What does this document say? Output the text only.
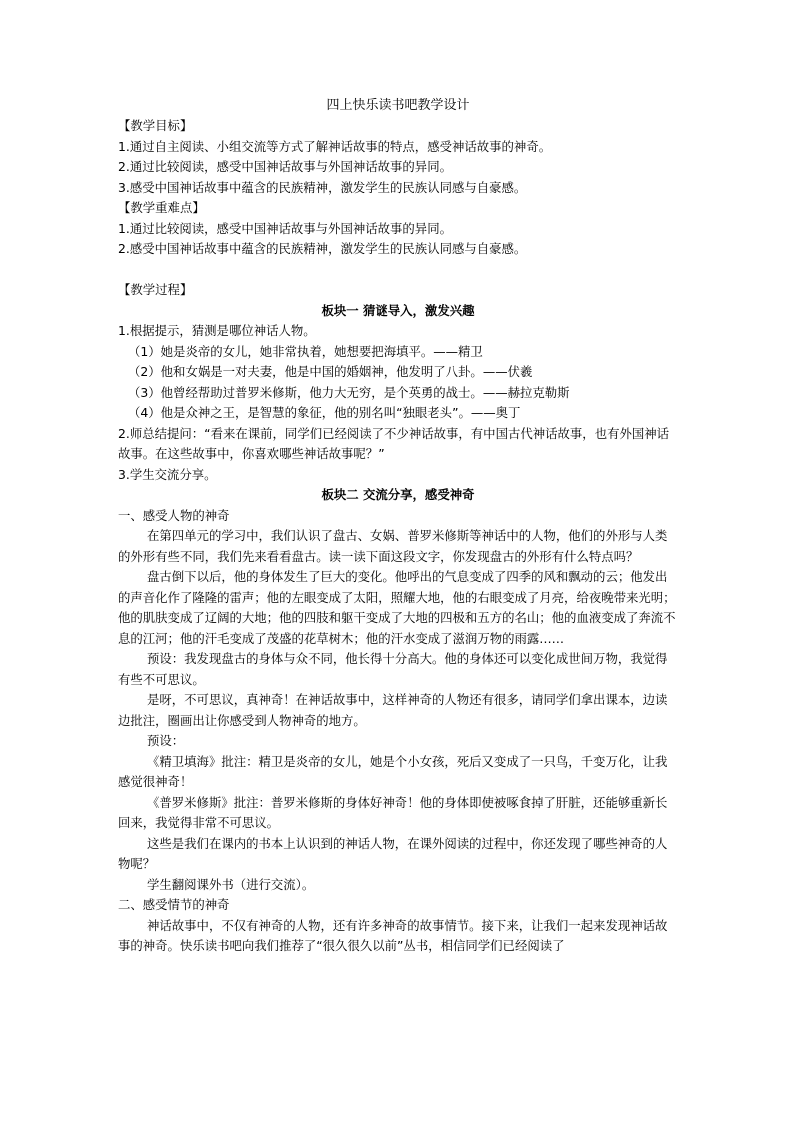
四上快乐读书吧教学设计
【教学目标】
1.通过自主阅读、小组交流等方式了解神话故事的特点，感受神话故事的神奇。
2.通过比较阅读，感受中国神话故事与外国神话故事的异同。
3.感受中国神话故事中蕴含的民族精神，激发学生的民族认同感与自豪感。
【教学重难点】
1.通过比较阅读，感受中国神话故事与外国神话故事的异同。
2.感受中国神话故事中蕴含的民族精神，激发学生的民族认同感与自豪感。
【教学过程】
板块一 猜谜导入，激发兴趣
1.根据提示，猜测是哪位神话人物。
（1）她是炎帝的女儿，她非常执着，她想要把海填平。——精卫
（2）他和女娲是一对夫妻，他是中国的婚姻神，他发明了八卦。——伏羲
（3）他曾经帮助过普罗米修斯，他力大无穷，是个英勇的战士。——赫拉克勒斯
（4）他是众神之王，是智慧的象征，他的别名叫“独眼老头”。——奥丁
2.师总结提问：“看来在课前，同学们已经阅读了不少神话故事，有中国古代神话故事，也有外国神话故事。在这些故事中，你喜欢哪些神话故事呢？”
3.学生交流分享。
板块二 交流分享，感受神奇
一、感受人物的神奇
在第四单元的学习中，我们认识了盘古、女娲、普罗米修斯等神话中的人物，他们的外形与人类的外形有些不同，我们先来看看盘古。读一读下面这段文字，你发现盘古的外形有什么特点吗？
盘古倒下以后，他的身体发生了巨大的变化。他呼出的气息变成了四季的风和飘动的云；他发出的声音化作了隆隆的雷声；他的左眼变成了太阳，照耀大地，他的右眼变成了月亮，给夜晚带来光明；他的肌肤变成了辽阔的大地；他的四肢和躯干变成了大地的四极和五方的名山；他的血液变成了奔流不息的江河；他的汗毛变成了茂盛的花草树木；他的汗水变成了滋润万物的雨露……
预设：我发现盘古的身体与众不同，他长得十分高大。他的身体还可以变化成世间万物，我觉得有些不可思议。
是呀，不可思议，真神奇！在神话故事中，这样神奇的人物还有很多，请同学们拿出课本，边读边批注，圈画出让你感受到人物神奇的地方。
预设：
《精卫填海》批注：精卫是炎帝的女儿，她是个小女孩，死后又变成了一只鸟，千变万化，让我感觉很神奇！
《普罗米修斯》批注：普罗米修斯的身体好神奇！他的身体即使被啄食掉了肝脏，还能够重新长回来，我觉得非常不可思议。
这些是我们在课内的书本上认识到的神话人物，在课外阅读的过程中，你还发现了哪些神奇的人物呢？
学生翻阅课外书（进行交流）。
二、感受情节的神奇
神话故事中，不仅有神奇的人物，还有许多神奇的故事情节。接下来，让我们一起来发现神话故事的神奇。快乐读书吧向我们推荐了“很久很久以前”丛书，相信同学们已经阅读了
